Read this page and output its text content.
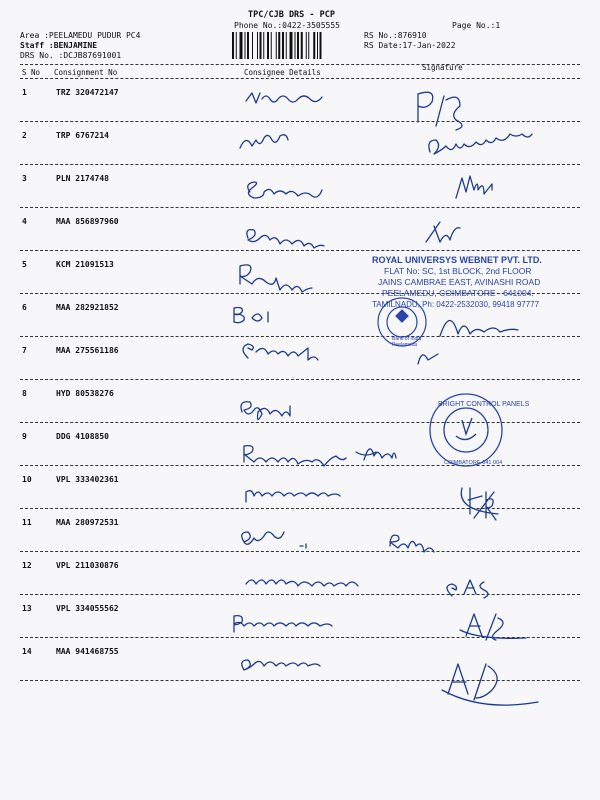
TPC/CJB DRS - PCP
Phone No.:0422-3505555	Page No.:1
Area :PEELAMEDU PUDUR PC4
Staff :BENJAMINE
DRS No. :DCJB87691001
RS No.:876910
RS Date:17-Jan-2022
S No Consignment No	Consignee Details
Signature
1	TRZ 320472147
2	TRP 6767214
3	PLN 2174748
4	MAA 856897960
5	KCM 21091513
6	MAA 282921852
7	MAA 275561186
8	HYD 80538276
9	DDG 4108850
10	VPL 333402361
11	MAA 280972531
12	VPL 211030876
13	VPL 334055562
14	MAA 941468755
ROYAL UNIVERSYS WEBNET PVT. LTD.
FLAT No: SC, 1st BLOCK, 2nd FLOOR
JAINS CAMBRAE EAST, AVINASHI ROAD
PEELAMEDU, COIMBATORE - 641004.
TAMILNADU, Ph: 0422-2532030, 99418 97777
Bank of India
Peelamedu
BRIGHT CONTROL PANELS
COIMBATORE-641 004
